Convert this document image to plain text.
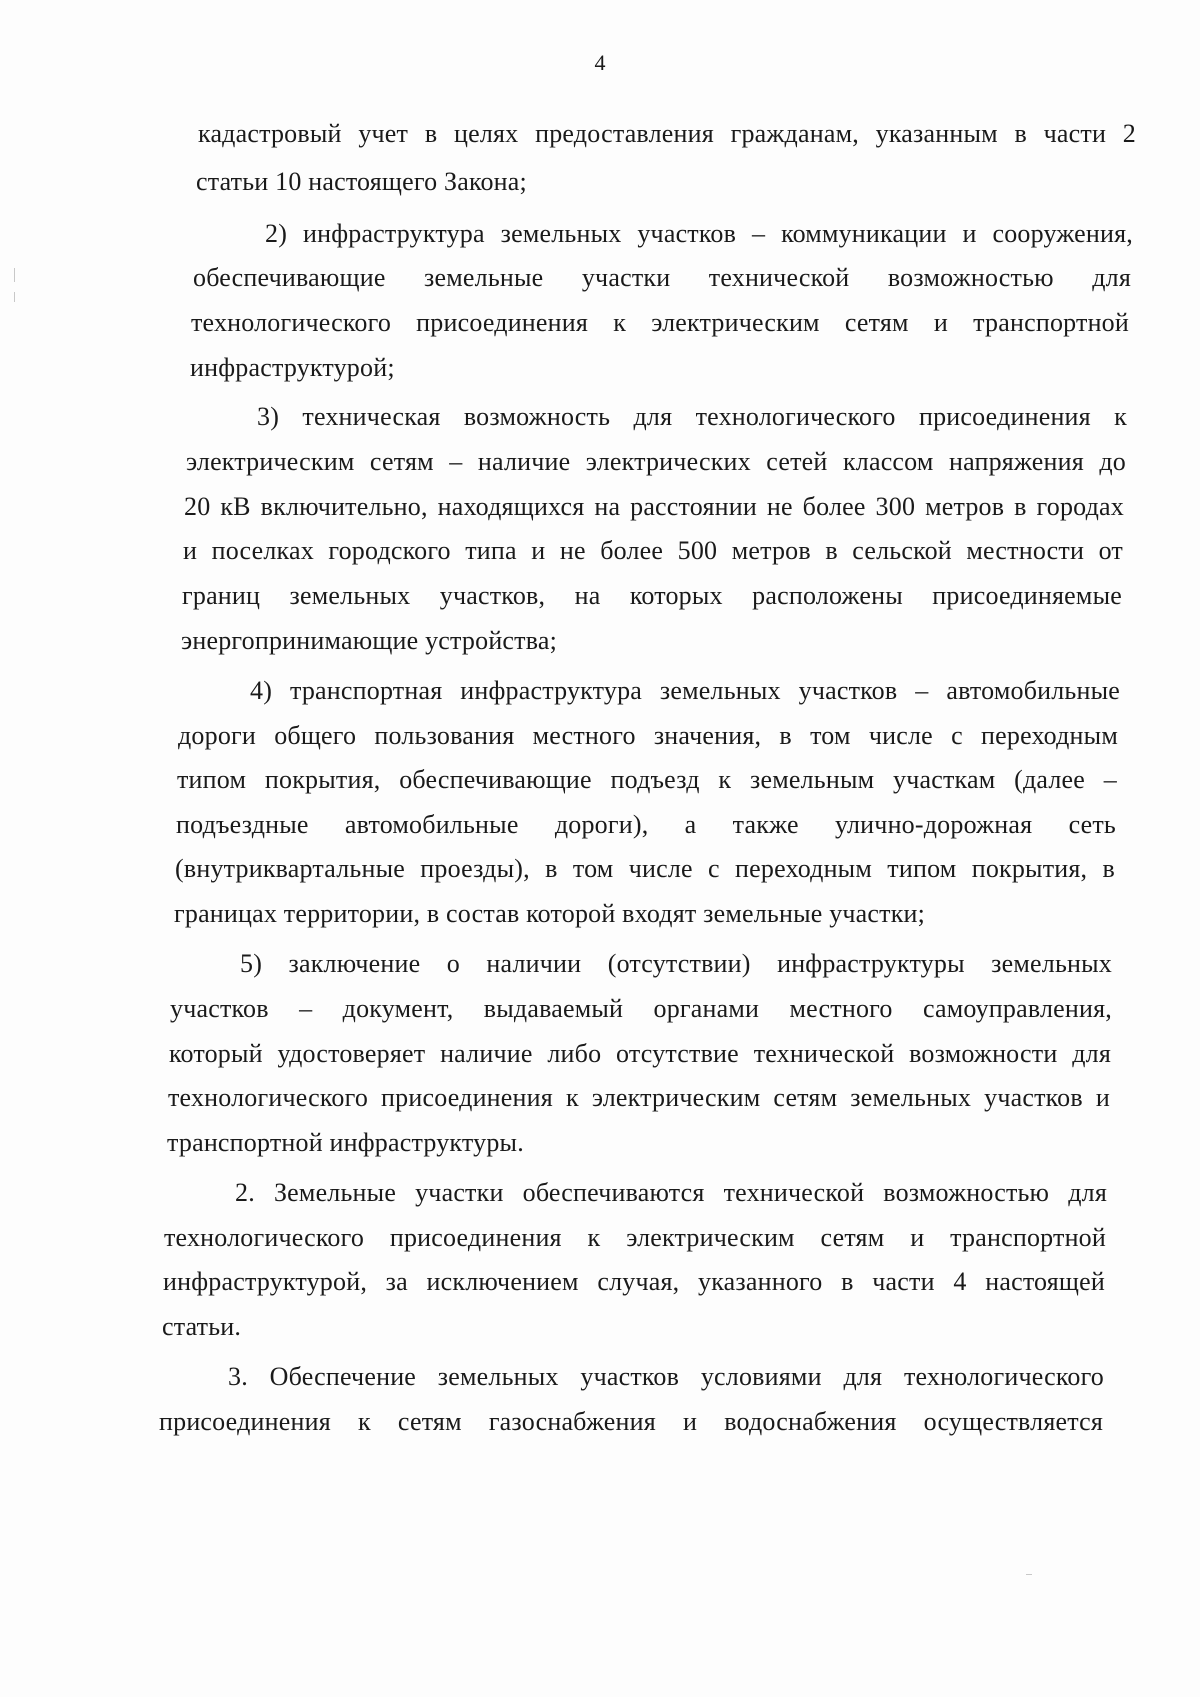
4
кадастровый учет в целях предоставления гражданам, указанным в части 2
статьи 10 настоящего Закона;
2) инфраструктура земельных участков – коммуникации и сооружения,
обеспечивающие земельные участки технической возможностью для
технологического присоединения к электрическим сетям и транспортной
инфраструктурой;
3) техническая возможность для технологического присоединения к
электрическим сетям – наличие электрических сетей классом напряжения до
20 кВ включительно, находящихся на расстоянии не более 300 метров в городах
и поселках городского типа и не более 500 метров в сельской местности от
границ земельных участков, на которых расположены присоединяемые
энергопринимающие устройства;
4) транспортная инфраструктура земельных участков – автомобильные
дороги общего пользования местного значения, в том числе с переходным
типом покрытия, обеспечивающие подъезд к земельным участкам (далее –
подъездные автомобильные дороги), а также улично-дорожная сеть
(внутриквартальные проезды), в том числе с переходным типом покрытия, в
границах территории, в состав которой входят земельные участки;
5) заключение о наличии (отсутствии) инфраструктуры земельных
участков – документ, выдаваемый органами местного самоуправления,
который удостоверяет наличие либо отсутствие технической возможности для
технологического присоединения к электрическим сетям земельных участков и
транспортной инфраструктуры.
2. Земельные участки обеспечиваются технической возможностью для
технологического присоединения к электрическим сетям и транспортной
инфраструктурой, за исключением случая, указанного в части 4 настоящей
статьи.
3. Обеспечение земельных участков условиями для технологического
присоединения к сетям газоснабжения и водоснабжения осуществляется
